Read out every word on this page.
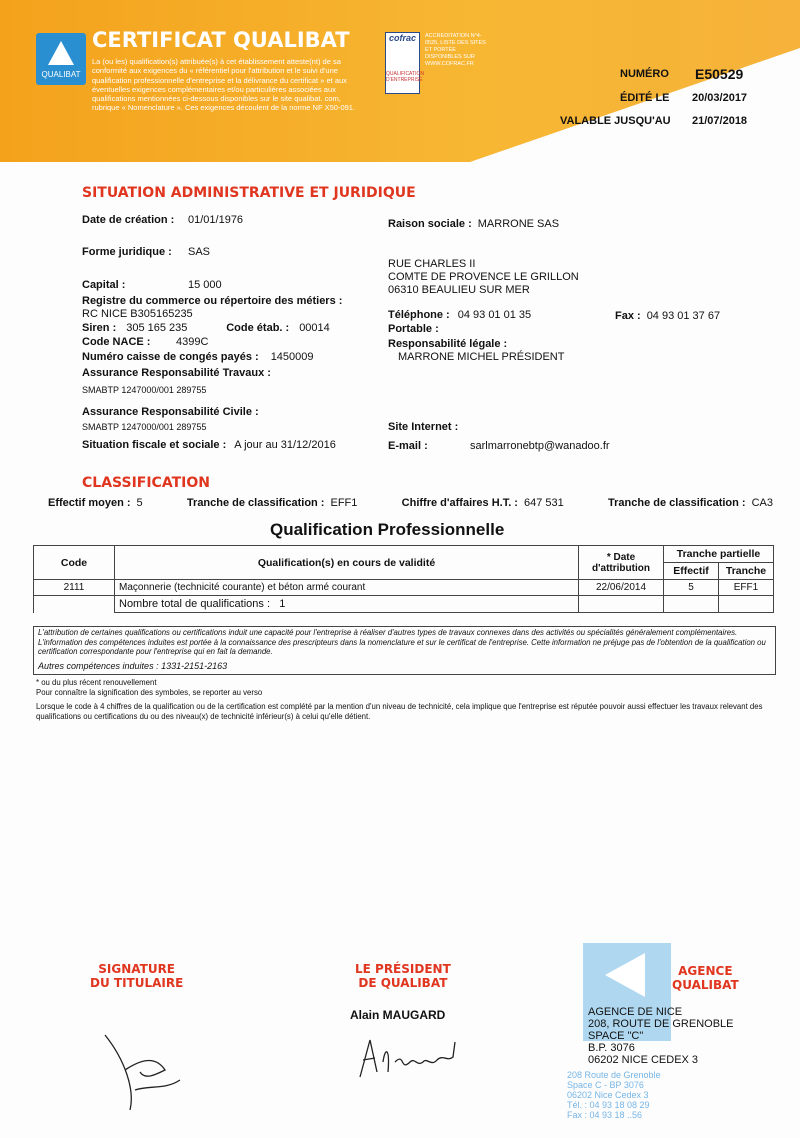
QUALIBAT
CERTIFICAT QUALIBAT
La (ou les) qualification(s) attribuée(s) à cet établissement atteste(nt) de sa conformité aux exigences du « référentiel pour l'attribution et le suivi d'une qualification professionnelle d'entreprise et la délivrance du certificat » et aux éventuelles exigences complémentaires et/ou particulières associées aux qualifications mentionnées ci-dessous disponibles sur le site qualibat. com, rubrique « Nomenclature ». Ces exigences découlent de la norme NF X50-091.
cofrac
QUALIFICATION D'ENTREPRISE
ACCREDITATION N°4-0525, LISTE DES SITES ET PORTÉE DISPONIBLES SUR WWW.COFRAC.FR
NUMÉRO E50529
ÉDITÉ LE 20/03/2017
VALABLE JUSQU'AU 21/07/2018
SITUATION ADMINISTRATIVE ET JURIDIQUE
Date de création :	01/01/1976
Forme juridique :	SAS
Capital :	15 000
Registre du commerce ou répertoire des métiers :
RC NICE B305165235
Siren : 305 165 235	Code étab. : 00014
Code NACE :	4399C
Numéro caisse de congés payés : 1450009
Assurance Responsabilité Travaux :
SMABTP 1247000/001 289755
Assurance Responsabilité Civile :
SMABTP 1247000/001 289755
Situation fiscale et sociale : A jour au 31/12/2016
Raison sociale : MARRONE SAS
RUE CHARLES II
COMTE DE PROVENCE LE GRILLON
06310 BEAULIEU SUR MER
Téléphone : 04 93 01 01 35	Fax : 04 93 01 37 67
Portable :
Responsabilité légale :
MARRONE MICHEL PRÉSIDENT
Site Internet :
E-mail :	sarlmarronebtp@wanadoo.fr
CLASSIFICATION
Effectif moyen : 5	Tranche de classification : EFF1	Chiffre d'affaires H.T. : 647 531	Tranche de classification : CA3
Qualification Professionnelle
Code	Qualification(s) en cours de validité	* Date d'attribution	Tranche partielle	
			Effectif	Tranche
2111	Maçonnerie (technicité courante) et béton armé courant	22/06/2014	5	EFF1
	Nombre total de qualifications : 1			
L'attribution de certaines qualifications ou certifications induit une capacité pour l'entreprise à réaliser d'autres types de travaux connexes dans des activités ou spécialités généralement complémentaires. L'information des compétences induites est portée à la connaissance des prescripteurs dans la nomenclature et sur le certificat de l'entreprise. Cette information ne préjuge pas de l'obtention de la qualification ou certification correspondante pour l'entreprise qui en fait la demande.
Autres compétences induites : 1331-2151-2163
* ou du plus récent renouvellement
Pour connaître la signification des symboles, se reporter au verso
Lorsque le code à 4 chiffres de la qualification ou de la certification est complété par la mention d'un niveau de technicité, cela implique que l'entreprise est réputée pouvoir aussi effectuer les travaux relevant des qualifications ou certifications du ou des niveau(x) de technicité inférieur(s) à celui qu'elle détient.
SIGNATURE
DU TITULAIRE
LE PRÉSIDENT
DE QUALIBAT
Alain MAUGARD
208 Route de Grenoble
Space C - BP 3076
06202 Nice Cedex 3
Tél. : 04 93 18 08 29
Fax : 04 93 18 ..56
AGENCE
QUALIBAT
AGENCE DE NICE
208, ROUTE DE GRENOBLE
SPACE "C"
B.P. 3076
06202 NICE CEDEX 3
